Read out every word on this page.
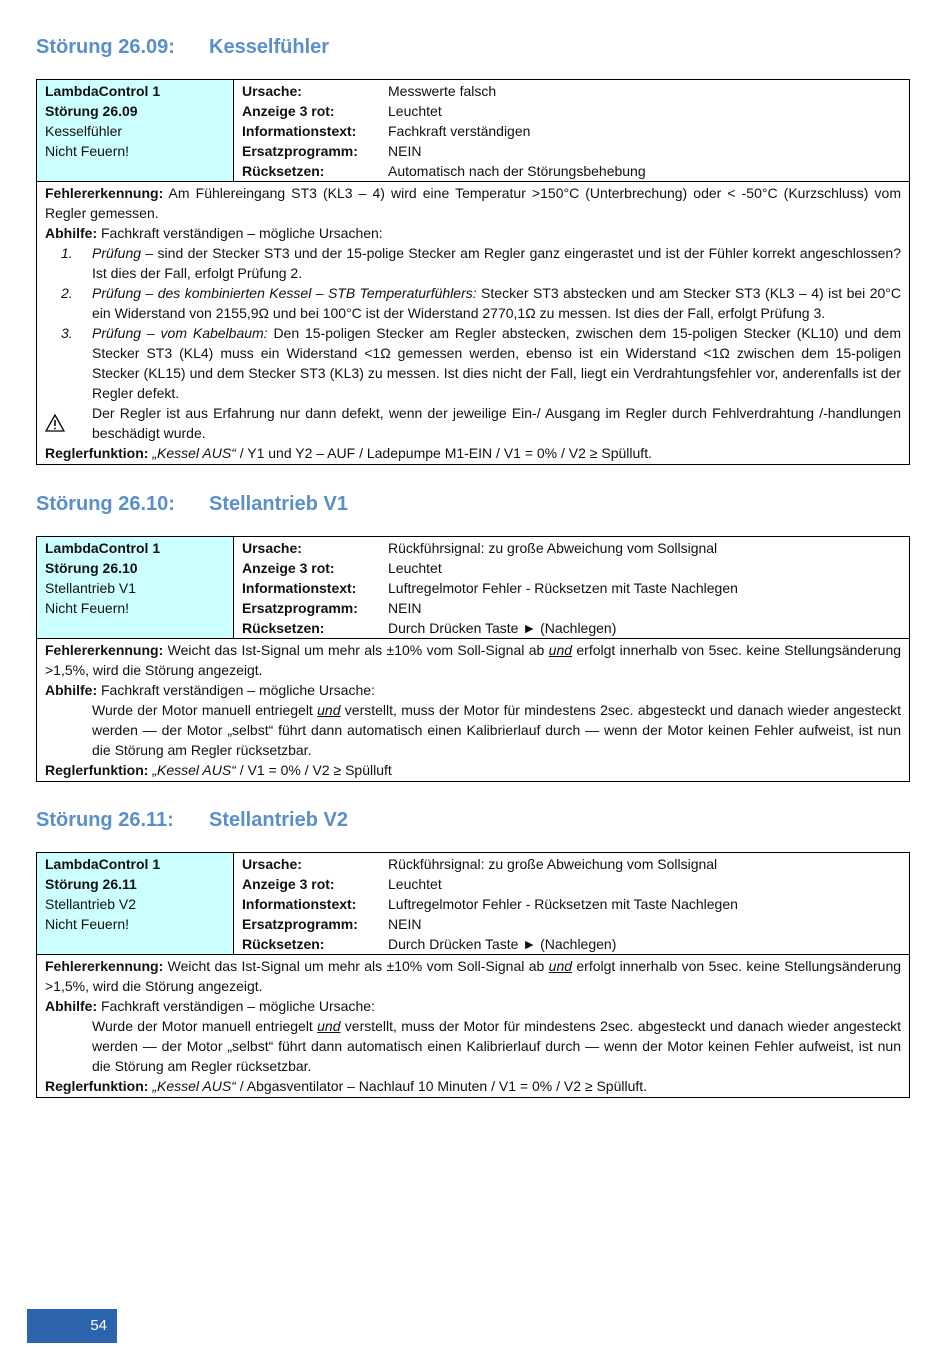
Störung 26.09: Kesselfühler
LambdaControl 1
Störung 26.09
Kesselfühler
Nicht Feuern!
Ursache:	Messwerte falsch
Anzeige 3 rot:	Leuchtet
Informationstext:	Fachkraft verständigen
Ersatzprogramm:	NEIN
Rücksetzen:	Automatisch nach der Störungsbehebung
Fehlererkennung: Am Fühlereingang ST3 (KL3 – 4) wird eine Temperatur >150°C (Unterbrechung) oder < -50°C (Kurzschluss) vom Regler gemessen.
Abhilfe: Fachkraft verständigen – mögliche Ursachen:
1.	Prüfung – sind der Stecker ST3 und der 15-polige Stecker am Regler ganz eingerastet und ist der Fühler korrekt angeschlossen? Ist dies der Fall, erfolgt Prüfung 2.
2.	Prüfung – des kombinierten Kessel – STB Temperaturfühlers: Stecker ST3 abstecken und am Stecker ST3 (KL3 – 4) ist bei 20°C ein Widerstand von 2155,9Ω und bei 100°C ist der Widerstand 2770,1Ω zu messen. Ist dies der Fall, erfolgt Prüfung 3.
3.	Prüfung – vom Kabelbaum: Den 15-poligen Stecker am Regler abstecken, zwischen dem 15-poligen Stecker (KL10) und dem Stecker ST3 (KL4) muss ein Widerstand <1Ω gemessen werden, ebenso ist ein Widerstand <1Ω zwischen dem 15-poligen Stecker (KL15) und dem Stecker ST3 (KL3) zu messen. Ist dies nicht der Fall, liegt ein Verdrahtungsfehler vor, anderenfalls ist der Regler defekt.
Der Regler ist aus Erfahrung nur dann defekt, wenn der jeweilige Ein-/ Ausgang im Regler durch Fehlverdrahtung /-handlungen beschädigt wurde.
Reglerfunktion: „Kessel AUS“ / Y1 und Y2 – AUF / Ladepumpe M1-EIN / V1 = 0% / V2 ≥ Spülluft.
Störung 26.10: Stellantrieb V1
LambdaControl 1
Störung 26.10
Stellantrieb V1
Nicht Feuern!
Ursache:	Rückführsignal: zu große Abweichung vom Sollsignal
Anzeige 3 rot:	Leuchtet
Informationstext:	Luftregelmotor Fehler - Rücksetzen mit Taste Nachlegen
Ersatzprogramm:	NEIN
Rücksetzen:	Durch Drücken Taste ► (Nachlegen)
Fehlererkennung: Weicht das Ist-Signal um mehr als ±10% vom Soll-Signal ab und erfolgt innerhalb von 5sec. keine Stellungsänderung >1,5%, wird die Störung angezeigt.
Abhilfe: Fachkraft verständigen – mögliche Ursache:
Wurde der Motor manuell entriegelt und verstellt, muss der Motor für mindestens 2sec. abgesteckt und danach wieder angesteckt werden — der Motor „selbst“ führt dann automatisch einen Kalibrierlauf durch — wenn der Motor keinen Fehler aufweist, ist nun die Störung am Regler rücksetzbar.
Reglerfunktion: „Kessel AUS“ / V1 = 0% / V2 ≥ Spülluft
Störung 26.11: Stellantrieb V2
LambdaControl 1
Störung 26.11
Stellantrieb V2
Nicht Feuern!
Ursache:	Rückführsignal: zu große Abweichung vom Sollsignal
Anzeige 3 rot:	Leuchtet
Informationstext:	Luftregelmotor Fehler - Rücksetzen mit Taste Nachlegen
Ersatzprogramm:	NEIN
Rücksetzen:	Durch Drücken Taste ► (Nachlegen)
Fehlererkennung: Weicht das Ist-Signal um mehr als ±10% vom Soll-Signal ab und erfolgt innerhalb von 5sec. keine Stellungsänderung >1,5%, wird die Störung angezeigt.
Abhilfe: Fachkraft verständigen – mögliche Ursache:
Wurde der Motor manuell entriegelt und verstellt, muss der Motor für mindestens 2sec. abgesteckt und danach wieder angesteckt werden — der Motor „selbst“ führt dann automatisch einen Kalibrierlauf durch — wenn der Motor keinen Fehler aufweist, ist nun die Störung am Regler rücksetzbar.
Reglerfunktion: „Kessel AUS“ / Abgasventilator – Nachlauf 10 Minuten / V1 = 0% / V2 ≥ Spülluft.
54
